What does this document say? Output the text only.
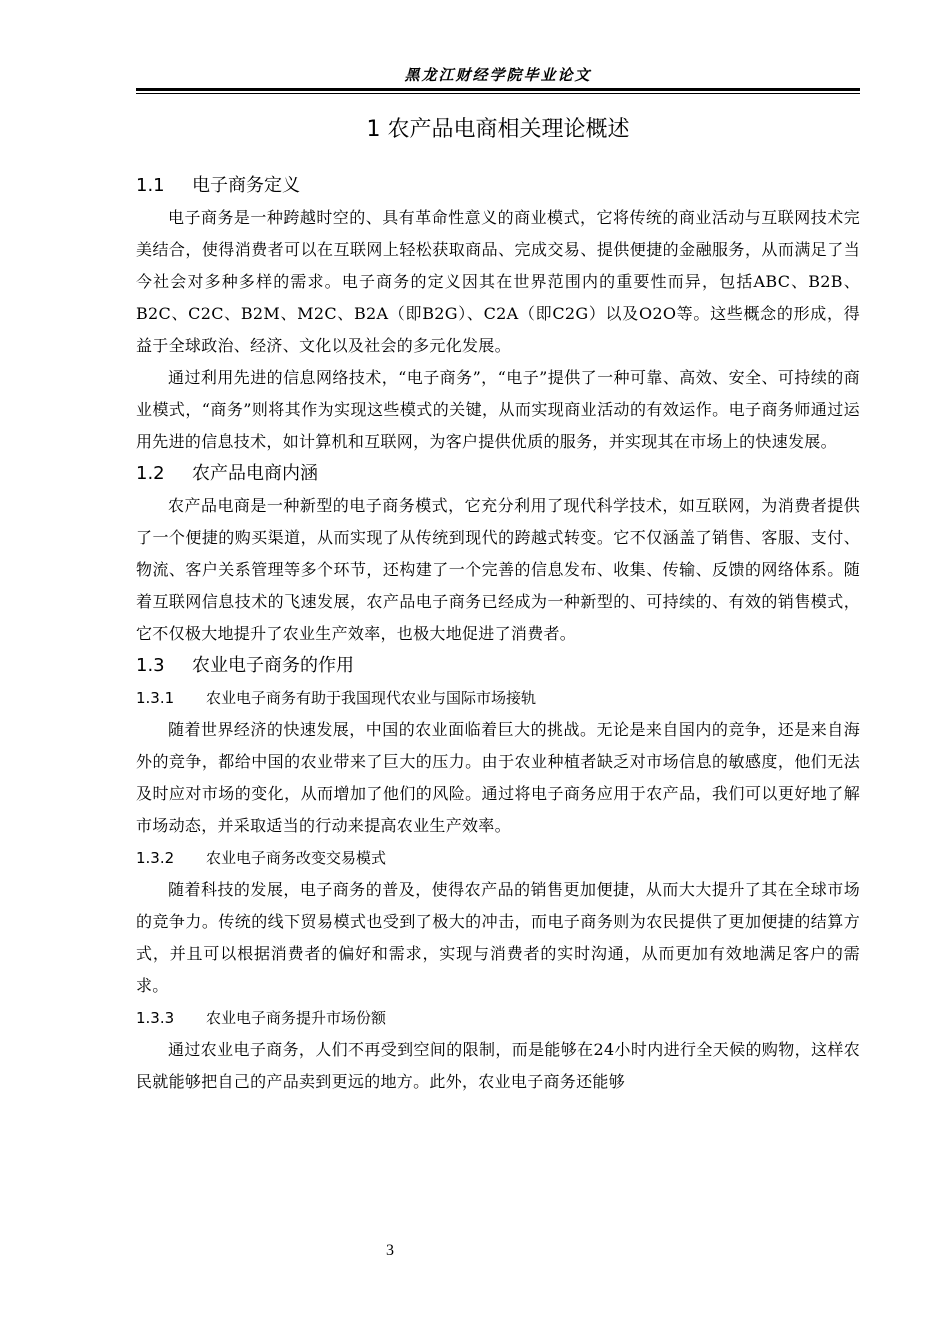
黑龙江财经学院毕业论文
1 农产品电商相关理论概述
1.1 电子商务定义

电子商务是一种跨越时空的、具有革命性意义的商业模式，它将传统的商业活动与互联网技术完美结合，使得消费者可以在互联网上轻松获取商品、完成交易、提供便捷的金融服务，从而满足了当今社会对多种多样的需求。电子商务的定义因其在世界范围内的重要性而异，包括ABC、B2B、B2C、C2C、B2M、M2C、B2A（即B2G）、C2A（即C2G）以及O2O等。这些概念的形成，得益于全球政治、经济、文化以及社会的多元化发展。

通过利用先进的信息网络技术，“电子商务”，“电子”提供了一种可靠、高效、安全、可持续的商业模式，“商务”则将其作为实现这些模式的关键，从而实现商业活动的有效运作。电子商务师通过运用先进的信息技术，如计算机和互联网，为客户提供优质的服务，并实现其在市场上的快速发展。

1.2 农产品电商内涵

农产品电商是一种新型的电子商务模式，它充分利用了现代科学技术，如互联网，为消费者提供了一个便捷的购买渠道，从而实现了从传统到现代的跨越式转变。它不仅涵盖了销售、客服、支付、物流、客户关系管理等多个环节，还构建了一个完善的信息发布、收集、传输、反馈的网络体系。随着互联网信息技术的飞速发展，农产品电子商务已经成为一种新型的、可持续的、有效的销售模式，它不仅极大地提升了农业生产效率，也极大地促进了消费者。

1.3 农业电子商务的作用
1.3.1 农业电子商务有助于我国现代农业与国际市场接轨

随着世界经济的快速发展，中国的农业面临着巨大的挑战。无论是来自国内的竞争，还是来自海外的竞争，都给中国的农业带来了巨大的压力。由于农业种植者缺乏对市场信息的敏感度，他们无法及时应对市场的变化，从而增加了他们的风险。通过将电子商务应用于农产品，我们可以更好地了解市场动态，并采取适当的行动来提高农业生产效率。

1.3.2 农业电子商务改变交易模式

随着科技的发展，电子商务的普及，使得农产品的销售更加便捷，从而大大提升了其在全球市场的竞争力。传统的线下贸易模式也受到了极大的冲击，而电子商务则为农民提供了更加便捷的结算方式，并且可以根据消费者的偏好和需求，实现与消费者的实时沟通，从而更加有效地满足客户的需求。

1.3.3 农业电子商务提升市场份额

通过农业电子商务，人们不再受到空间的限制，而是能够在24小时内进行全天候的购物，这样农民就能够把自己的产品卖到更远的地方。此外，农业电子商务还能够

3
